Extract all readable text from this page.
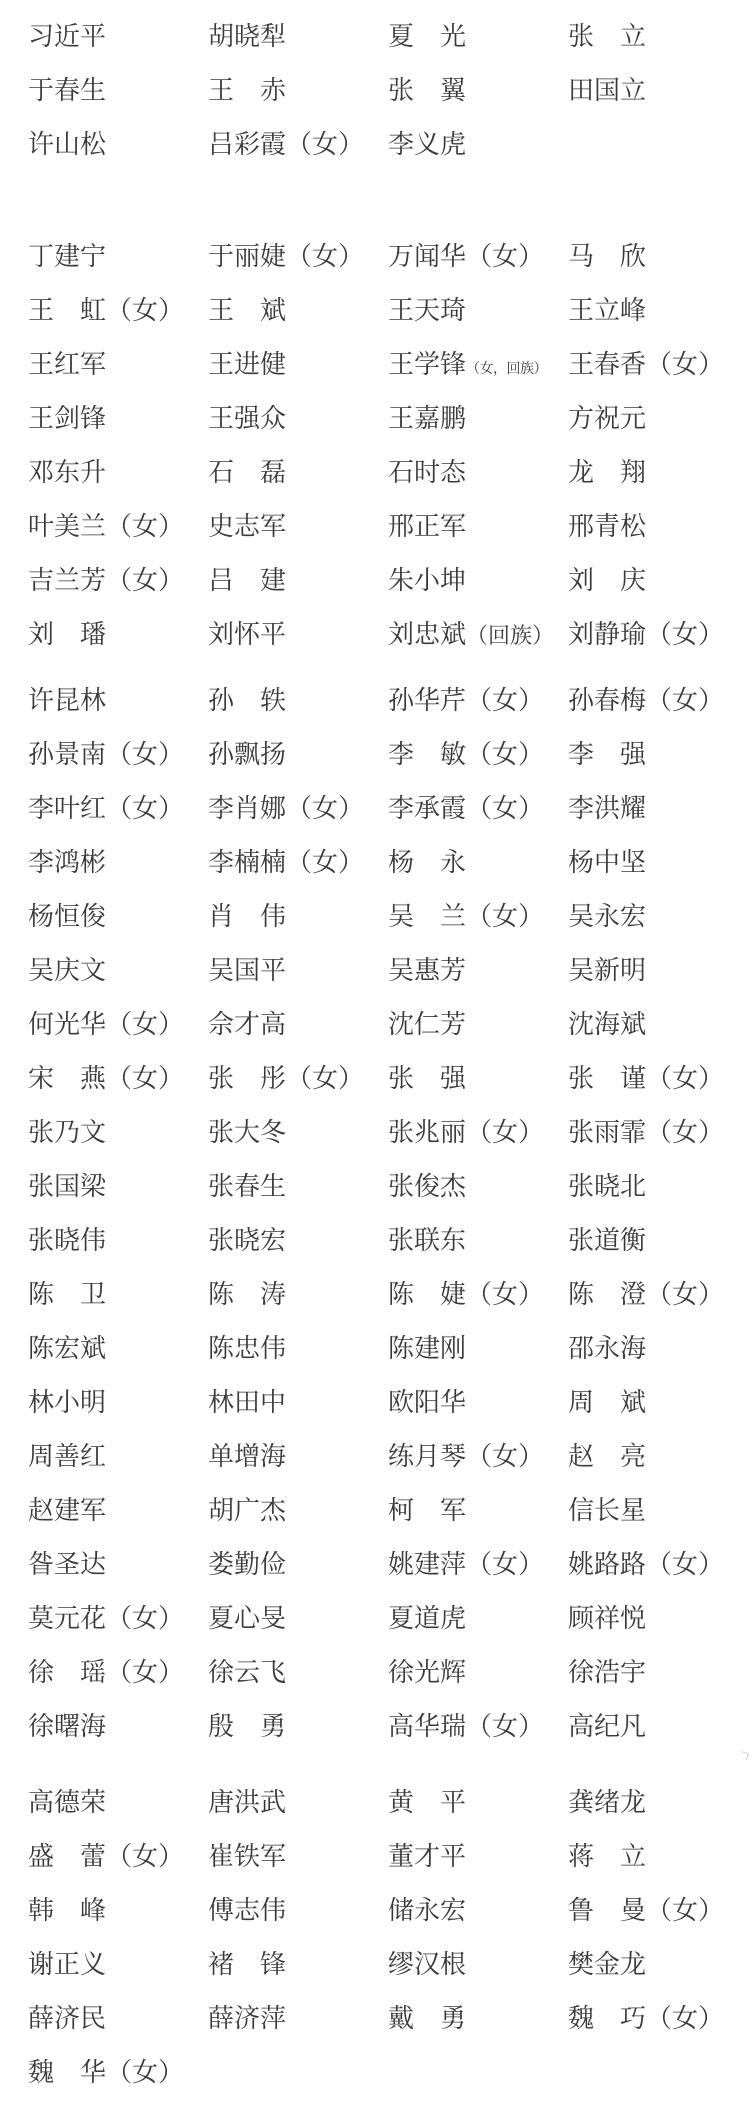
习近平	胡晓犁	夏　光	张　立
于春生	王　赤	张　翼	田国立
许山松	吕彩霞（女） 李义虎
丁建宁	于丽婕（女） 万闻华（女） 马　欣
王　虹（女） 王　斌	王天琦	王立峰
王红军	王进健	王学锋（女，回族） 王春香（女）
王剑锋	王强众	王嘉鹏	方祝元
邓东升	石　磊	石时态	龙　翔
叶美兰（女） 史志军	邢正军	邢青松
吉兰芳（女） 吕　建	朱小坤	刘　庆
刘　璠	刘怀平	刘忠斌（回族） 刘静瑜（女）
许昆林	孙　轶	孙华芹（女） 孙春梅（女）
孙景南（女） 孙飘扬	李　敏（女） 李　强
李叶红（女） 李肖娜（女） 李承霞（女） 李洪耀
李鸿彬	李楠楠（女） 杨　永	杨中坚
杨恒俊	肖　伟	吴　兰（女） 吴永宏
吴庆文	吴国平	吴惠芳	吴新明
何光华（女） 佘才高	沈仁芳	沈海斌
宋　燕（女） 张　彤（女） 张　强	张　谨（女）
张乃文	张大冬	张兆丽（女） 张雨霏（女）
张国梁	张春生	张俊杰	张晓北
张晓伟	张晓宏	张联东	张道衡
陈　卫	陈　涛	陈　婕（女） 陈　澄（女）
陈宏斌	陈忠伟	陈建刚	邵永海
林小明	林田中	欧阳华	周　斌
周善红	单增海	练月琴（女） 赵　亮
赵建军	胡广杰	柯　军	信长星
昝圣达	娄勤俭	姚建萍（女） 姚路路（女）
莫元花（女） 夏心旻	夏道虎	顾祥悦
徐　瑶（女） 徐云飞	徐光辉	徐浩宇
徐曙海	殷　勇	高华瑞（女） 高纪凡
高德荣	唐洪武	黄　平	龚绪龙
盛　蕾（女） 崔铁军	董才平	蒋　立
韩　峰	傅志伟	储永宏	鲁　曼（女）
谢正义	褚　锋	缪汉根	樊金龙
薛济民	薛济萍	戴　勇	魏　巧（女）
魏　华（女）
